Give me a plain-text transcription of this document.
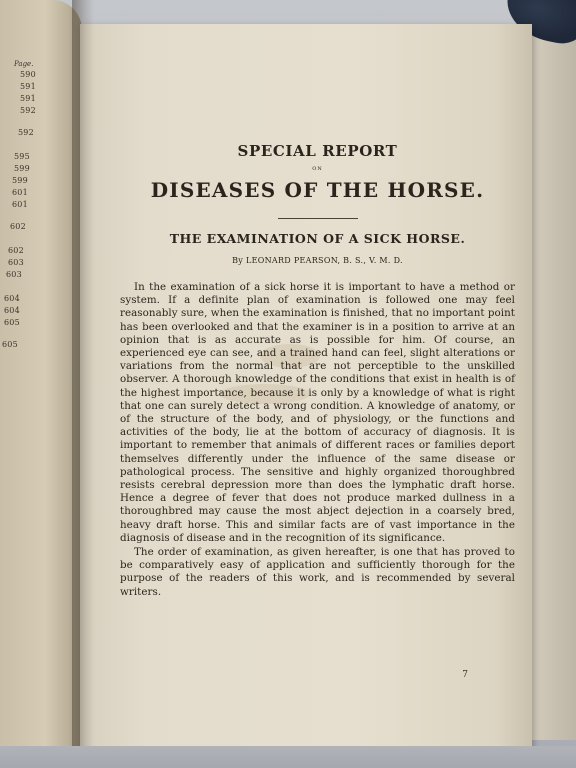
Page.
590
591
591
592
592
595
599
599
601
601
602
602
603
603
604
604
605
605
SPECIAL REPORT
ON
DISEASES OF THE HORSE.
THE EXAMINATION OF A SICK HORSE.
By LEONARD PEARSON, B. S., V. M. D.

In the examination of a sick horse it is important to have a method or system. If a definite plan of examination is followed one may feel reasonably sure, when the examination is finished, that no important point has been overlooked and that the examiner is in a position to arrive at an opinion that is as accurate as is possible for him. Of course, an experienced eye can see, and a trained hand can feel, slight alterations or variations from the normal that are not perceptible to the unskilled observer. A thorough knowledge of the conditions that exist in health is of the highest importance, because it is only by a knowledge of what is right that one can surely detect a wrong condition. A knowledge of anatomy, or of the structure of the body, and of physiology, or the functions and activities of the body, lie at the bottom of accuracy of diagnosis. It is important to remember that animals of different races or families deport themselves differently under the influence of the same disease or pathological process. The sensitive and highly organized thoroughbred resists cerebral depression more than does the lymphatic draft horse. Hence a degree of fever that does not produce marked dullness in a thoroughbred may cause the most abject dejection in a coarsely bred, heavy draft horse. This and similar facts are of vast importance in the diagnosis of disease and in the recognition of its significance.

The order of examination, as given hereafter, is one that has proved to be comparatively easy of application and sufficiently thorough for the purpose of the readers of this work, and is recommended by several writers.

7
